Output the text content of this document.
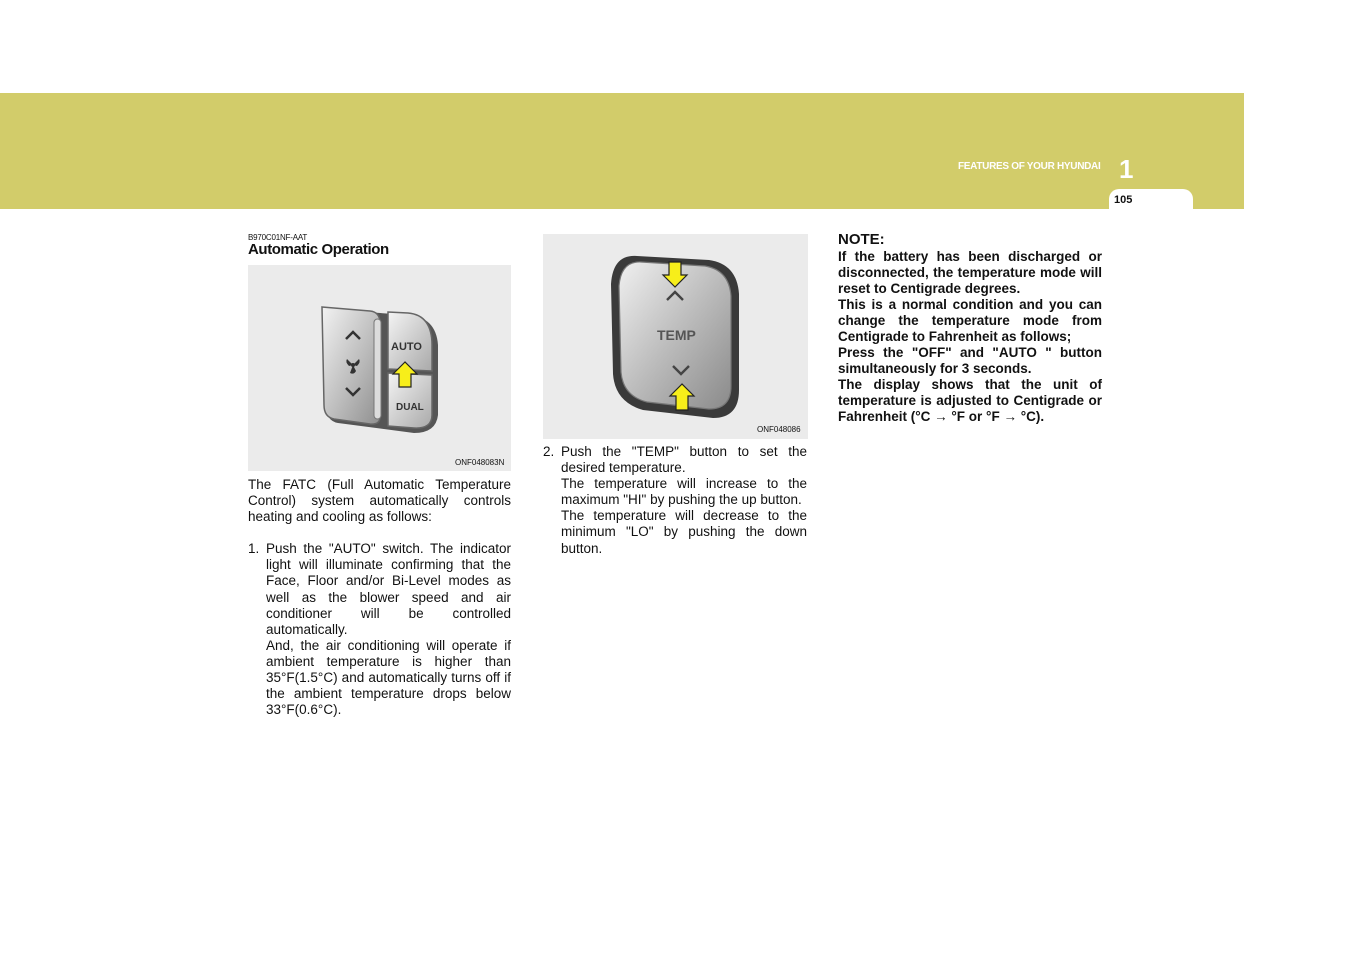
FEATURES OF YOUR HYUNDAI 1
105
B970C01NF-AAT
Automatic Operation
AUTO
DUAL
ONF048083N

The FATC (Full Automatic Temperature Control) system automatically controls heating and cooling as follows:

1. Push the "AUTO" switch. The indicator light will illuminate confirming that the Face, Floor and/or Bi-Level modes as well as the blower speed and air conditioner will be controlled automatically.

And, the air conditioning will operate if ambient temperature is higher than 35°F(1.5°C) and automatically turns off if the ambient temperature drops below 33°F(0.6°C).

TEMP
ONF048086
2. Push the "TEMP" button to set the desired temperature.

The temperature will increase to the maximum "HI" by pushing the up button.

The temperature will decrease to the minimum "LO" by pushing the down button.

NOTE:

If the battery has been discharged or disconnected, the temperature mode will reset to Centigrade degrees.

This is a normal condition and you can change the temperature mode from Centigrade to Fahrenheit as follows;

Press the "OFF" and "AUTO " button simultaneously for 3 seconds.

The display shows that the unit of temperature is adjusted to Centigrade or Fahrenheit (°C → °F or °F → °C).
